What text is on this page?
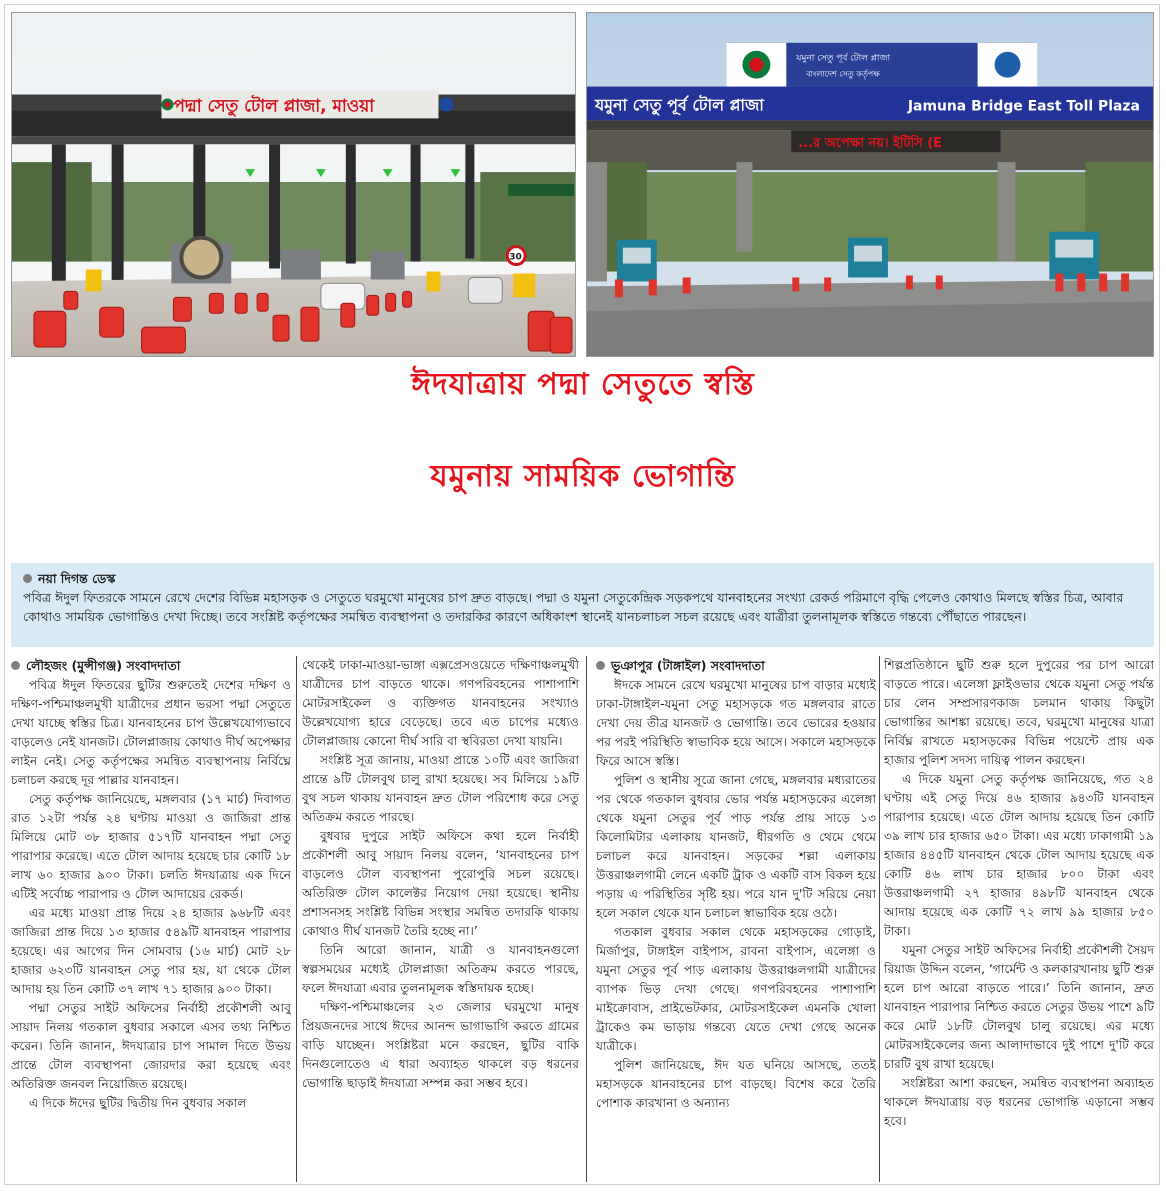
পদ্মা সেতু টোল প্লাজা, মাওয়া
30
যমুনা সেতু পূর্ব টোল প্লাজা
বাংলাদেশ সেতু কর্তৃপক্ষ
যমুনা সেতু পূর্ব টোল প্লাজা	Jamuna Bridge East Toll Plaza
...র অপেক্ষা নয়। ইটিসি (E
ঈদযাত্রায় পদ্মা সেতুতে স্বস্তি
যমুনায় সাময়িক ভোগান্তি
নয়া দিগন্ত ডেস্ক

পবিত্র ঈদুল ফিতরকে সামনে রেখে দেশের বিভিন্ন মহাসড়ক ও সেতুতে ঘরমুখো মানুষের চাপ দ্রুত বাড়ছে। পদ্মা ও যমুনা সেতুকেন্দ্রিক সড়কপথে যানবাহনের সংখ্যা রেকর্ড পরিমাণে বৃদ্ধি পেলেও কোথাও মিলছে স্বস্তির চিত্র, আবার কোথাও সাময়িক ভোগান্তিও দেখা দিচ্ছে। তবে সংশ্লিষ্ট কর্তৃপক্ষের সমন্বিত ব্যবস্থাপনা ও তদারকির কারণে অধিকাংশ স্থানেই যানচলাচল সচল রয়েছে এবং যাত্রীরা তুলনামূলক স্বস্তিতে গন্তব্যে পৌঁছাতে পারছেন।

লৌহজং (মুন্সীগঞ্জ) সংবাদদাতা

পবিত্র ঈদুল ফিতরের ছুটির শুরুতেই দেশের দক্ষিণ ও দক্ষিণ-পশ্চিমাঞ্চলমুখী যাত্রীদের প্রধান ভরসা পদ্মা সেতুতে দেখা যাচ্ছে স্বস্তির চিত্র। যানবাহনের চাপ উল্লেখযোগ্যভাবে বাড়লেও নেই যানজট। টোলপ্লাজায় কোথাও দীর্ঘ অপেক্ষার লাইন নেই। সেতু কর্তৃপক্ষের সমন্বিত ব্যবস্থাপনায় নির্বিঘ্নে চলাচল করছে দূর পাল্লার যানবাহন।

সেতু কর্তৃপক্ষ জানিয়েছে, মঙ্গলবার (১৭ মার্চ) দিবাগত রাত ১২টা পর্যন্ত ২৪ ঘণ্টায় মাওয়া ও জাজিরা প্রান্ত মিলিয়ে মোট ৩৮ হাজার ৫১৭টি যানবাহন পদ্মা সেতু পারাপার করেছে। এতে টোল আদায় হয়েছে চার কোটি ১৮ লাখ ৬০ হাজার ৯০০ টাকা। চলতি ঈদযাত্রায় এক দিনে এটিই সর্বোচ্চ পারাপার ও টোল আদায়ের রেকর্ড।

এর মধ্যে মাওয়া প্রান্ত দিয়ে ২৪ হাজার ৯৬৮টি এবং জাজিরা প্রান্ত দিয়ে ১৩ হাজার ৫৪৯টি যানবাহন পারাপার হয়েছে। এর আগের দিন সোমবার (১৬ মার্চ) মোট ২৮ হাজার ৬২৩টি যানবাহন সেতু পার হয়, যা থেকে টোল আদায় হয় তিন কোটি ৩৭ লাখ ৭১ হাজার ৯০০ টাকা।

পদ্মা সেতুর সাইট অফিসের নির্বাহী প্রকৌশলী আবু সায়াদ নিলয় গতকাল বুধবার সকালে এসব তথ্য নিশ্চিত করেন। তিনি জানান, ঈদযাত্রার চাপ সামাল দিতে উভয় প্রান্তে টোল ব্যবস্থাপনা জোরদার করা হয়েছে এবং অতিরিক্ত জনবল নিয়োজিত রয়েছে।

এ দিকে ঈদের ছুটির দ্বিতীয় দিন বুধবার সকাল

থেকেই ঢাকা-মাওয়া-ভাঙ্গা এক্সপ্রেসওয়েতে দক্ষিণাঞ্চলমুখী যাত্রীদের চাপ বাড়তে থাকে। গণপরিবহনের পাশাপাশি মোটরসাইকেল ও ব্যক্তিগত যানবাহনের সংখ্যাও উল্লেখযোগ্য হারে বেড়েছে। তবে এত চাপের মধ্যেও টোলপ্লাজায় কোনো দীর্ঘ সারি বা স্থবিরতা দেখা যায়নি।

সংশ্লিষ্ট সূত্র জানায়, মাওয়া প্রান্তে ১০টি এবং জাজিরা প্রান্তে ৯টি টোলবুথ চালু রাখা হয়েছে। সব মিলিয়ে ১৯টি বুথ সচল থাকায় যানবাহন দ্রুত টোল পরিশোধ করে সেতু অতিক্রম করতে পারছে।

বুধবার দুপুরে সাইট অফিসে কথা হলে নির্বাহী প্রকৌশলী আবু সায়াদ নিলয় বলেন, ‘যানবাহনের চাপ বাড়লেও টোল ব্যবস্থাপনা পুরোপুরি সচল রয়েছে। অতিরিক্ত টোল কালেক্টর নিয়োগ দেয়া হয়েছে। স্থানীয় প্রশাসনসহ সংশ্লিষ্ট বিভিন্ন সংস্থার সমন্বিত তদারকি থাকায় কোথাও দীর্ঘ যানজট তৈরি হচ্ছে না।’

তিনি আরো জানান, যাত্রী ও যানবাহনগুলো স্বল্পসময়ের মধ্যেই টোলপ্লাজা অতিক্রম করতে পারছে, ফলে ঈদযাত্রা এবার তুলনামূলক স্বস্তিদায়ক হচ্ছে।

দক্ষিণ-পশ্চিমাঞ্চলের ২৩ জেলার ঘরমুখো মানুষ প্রিয়জনদের সাথে ঈদের আনন্দ ভাগাভাগি করতে গ্রামের বাড়ি যাচ্ছেন। সংশ্লিষ্টরা মনে করছেন, ছুটির বাকি দিনগুলোতেও এ ধারা অব্যাহত থাকলে বড় ধরনের ভোগান্তি ছাড়াই ঈদযাত্রা সম্পন্ন করা সম্ভব হবে।

ভূঞাপুর (টাঙ্গাইল) সংবাদদাতা

ঈদকে সামনে রেখে ঘরমুখো মানুষের চাপ বাড়ার মধ্যেই ঢাকা-টাঙ্গাইল-যমুনা সেতু মহাসড়কে গত মঙ্গলবার রাতে দেখা দেয় তীব্র যানজট ও ভোগান্তি। তবে ভোরের হওয়ার পর পরই পরিস্থিতি স্বাভাবিক হয়ে আসে। সকালে মহাসড়কে ফিরে আসে স্বস্তি।

পুলিশ ও স্থানীয় সূত্রে জানা গেছে, মঙ্গলবার মধ্যরাতের পর থেকে গতকাল বুধবার ভোর পর্যন্ত মহাসড়কের এলেঙ্গা থেকে যমুনা সেতুর পূর্ব পাড় পর্যন্ত প্রায় সাড়ে ১৩ কিলোমিটার এলাকায় যানজট, ধীরগতি ও থেমে থেমে চলাচল করে যানবাহন। সড়কের শল্লা এলাকায় উত্তরাঞ্চলগামী লেনে একটি ট্রাক ও একটি বাস বিকল হয়ে পড়ায় এ পরিস্থিতির সৃষ্টি হয়। পরে যান দু'টি সরিয়ে নেয়া হলে সকাল থেকে যান চলাচল স্বাভাবিক হয়ে ওঠে।

গতকাল বুধবার সকাল থেকে মহাসড়কের গোড়াই, মির্জাপুর, টাঙ্গাইল বাইপাস, রাবনা বাইপাস, এলেঙ্গা ও যমুনা সেতুর পূর্ব পাড় এলাকায় উত্তরাঞ্চলগামী যাত্রীদের ব্যাপক ভিড় দেখা গেছে। গণপরিবহনের পাশাপাশি মাইক্রোবাস, প্রাইভেটকার, মোটরসাইকেল এমনকি খোলা ট্রাকেও কম ভাড়ায় গন্তব্যে যেতে দেখা গেছে অনেক যাত্রীকে।

পুলিশ জানিয়েছে, ঈদ যত ঘনিয়ে আসছে, ততই মহাসড়কে যানবাহনের চাপ বাড়ছে। বিশেষ করে তৈরি পোশাক কারখানা ও অন্যান্য

শিল্পপ্রতিষ্ঠানে ছুটি শুরু হলে দুপুরের পর চাপ আরো বাড়তে পারে। এলেঙ্গা ফ্লাইওভার থেকে যমুনা সেতু পর্যন্ত চার লেন সম্প্রসারণকাজ চলমান থাকায় কিছুটা ভোগান্তির আশঙ্কা রয়েছে। তবে, ঘরমুখো মানুষের যাত্রা নির্বিঘ্ন রাখতে মহাসড়কের বিভিন্ন পয়েন্টে প্রায় এক হাজার পুলিশ সদস্য দায়িত্ব পালন করছেন।

এ দিকে যমুনা সেতু কর্তৃপক্ষ জানিয়েছে, গত ২৪ ঘণ্টায় এই সেতু দিয়ে ৪৬ হাজার ৯৪৩টি যানবাহন পারাপার হয়েছে। এতে টোল আদায় হয়েছে তিন কোটি ৩৯ লাখ চার হাজার ৬৫০ টাকা। এর মধ্যে ঢাকাগামী ১৯ হাজার ৪৪৫টি যানবাহন থেকে টোল আদায় হয়েছে এক কোটি ৪৬ লাখ চার হাজার ৮০০ টাকা এবং উত্তরাঞ্চলগামী ২৭ হাজার ৪৯৮টি যানবাহন থেকে আদায় হয়েছে এক কোটি ৭২ লাখ ৯৯ হাজার ৮৫০ টাকা।

যমুনা সেতুর সাইট অফিসের নির্বাহী প্রকৌশলী সৈয়দ রিয়াজ উদ্দিন বলেন, ‘গার্মেন্ট ও কলকারখানায় ছুটি শুরু হলে চাপ আরো বাড়তে পারে।’ তিনি জানান, দ্রুত যানবাহন পারাপার নিশ্চিত করতে সেতুর উভয় পাশে ৯টি করে মোট ১৮টি টোলবুথ চালু রয়েছে। এর মধ্যে মোটরসাইকেলের জন্য আলাদাভাবে দুই পাশে দু'টি করে চারটি বুথ রাখা হয়েছে।

সংশ্লিষ্টরা আশা করছেন, সমন্বিত ব্যবস্থাপনা অব্যাহত থাকলে ঈদযাত্রায় বড় ধরনের ভোগান্তি এড়ানো সম্ভব হবে।
